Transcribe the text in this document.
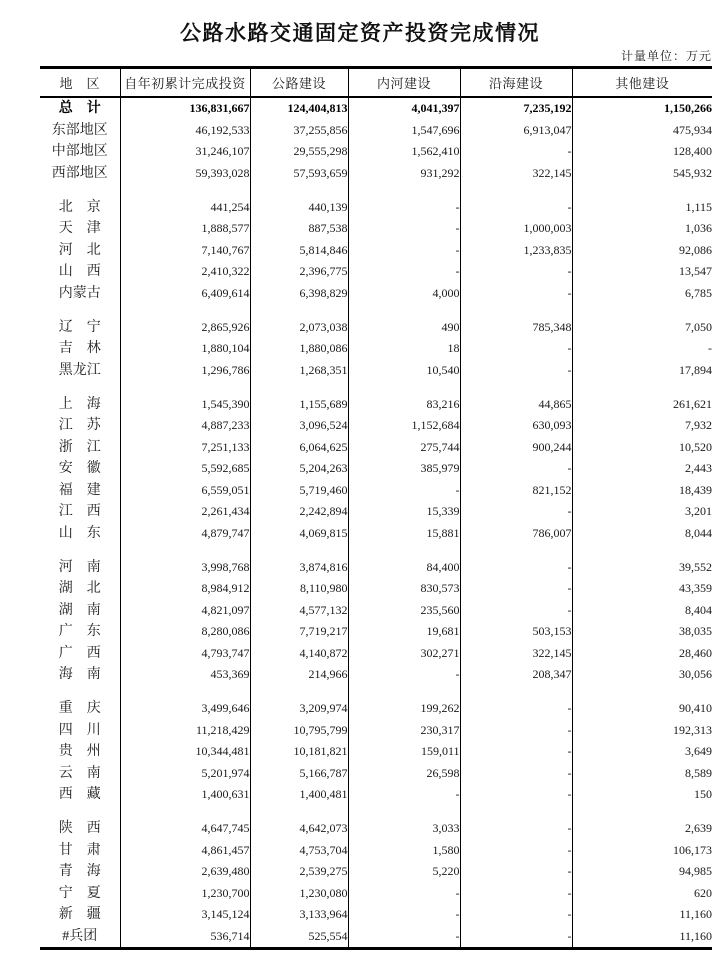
公路水路交通固定资产投资完成情况
计量单位：万元
地　区	自年初累计完成投资	公路建设	内河建设	沿海建设	其他建设
总　计	136,831,667	124,404,813	4,041,397	7,235,192	1,150,266
东部地区	46,192,533	37,255,856	1,547,696	6,913,047	475,934
中部地区	31,246,107	29,555,298	1,562,410	-	128,400
西部地区	59,393,028	57,593,659	931,292	322,145	545,932

北　京	441,254	440,139	-	-	1,115
天　津	1,888,577	887,538	-	1,000,003	1,036
河　北	7,140,767	5,814,846	-	1,233,835	92,086
山　西	2,410,322	2,396,775	-	-	13,547
内蒙古	6,409,614	6,398,829	4,000	-	6,785

辽　宁	2,865,926	2,073,038	490	785,348	7,050
吉　林	1,880,104	1,880,086	18	-	-
黑龙江	1,296,786	1,268,351	10,540	-	17,894

上　海	1,545,390	1,155,689	83,216	44,865	261,621
江　苏	4,887,233	3,096,524	1,152,684	630,093	7,932
浙　江	7,251,133	6,064,625	275,744	900,244	10,520
安　徽	5,592,685	5,204,263	385,979	-	2,443
福　建	6,559,051	5,719,460	-	821,152	18,439
江　西	2,261,434	2,242,894	15,339	-	3,201
山　东	4,879,747	4,069,815	15,881	786,007	8,044

河　南	3,998,768	3,874,816	84,400	-	39,552
湖　北	8,984,912	8,110,980	830,573	-	43,359
湖　南	4,821,097	4,577,132	235,560	-	8,404
广　东	8,280,086	7,719,217	19,681	503,153	38,035
广　西	4,793,747	4,140,872	302,271	322,145	28,460
海　南	453,369	214,966	-	208,347	30,056

重　庆	3,499,646	3,209,974	199,262	-	90,410
四　川	11,218,429	10,795,799	230,317	-	192,313
贵　州	10,344,481	10,181,821	159,011	-	3,649
云　南	5,201,974	5,166,787	26,598	-	8,589
西　藏	1,400,631	1,400,481	-	-	150

陕　西	4,647,745	4,642,073	3,033	-	2,639
甘　肃	4,861,457	4,753,704	1,580	-	106,173
青　海	2,639,480	2,539,275	5,220	-	94,985
宁　夏	1,230,700	1,230,080	-	-	620
新　疆	3,145,124	3,133,964	-	-	11,160
#兵团	536,714	525,554	-	-	11,160
